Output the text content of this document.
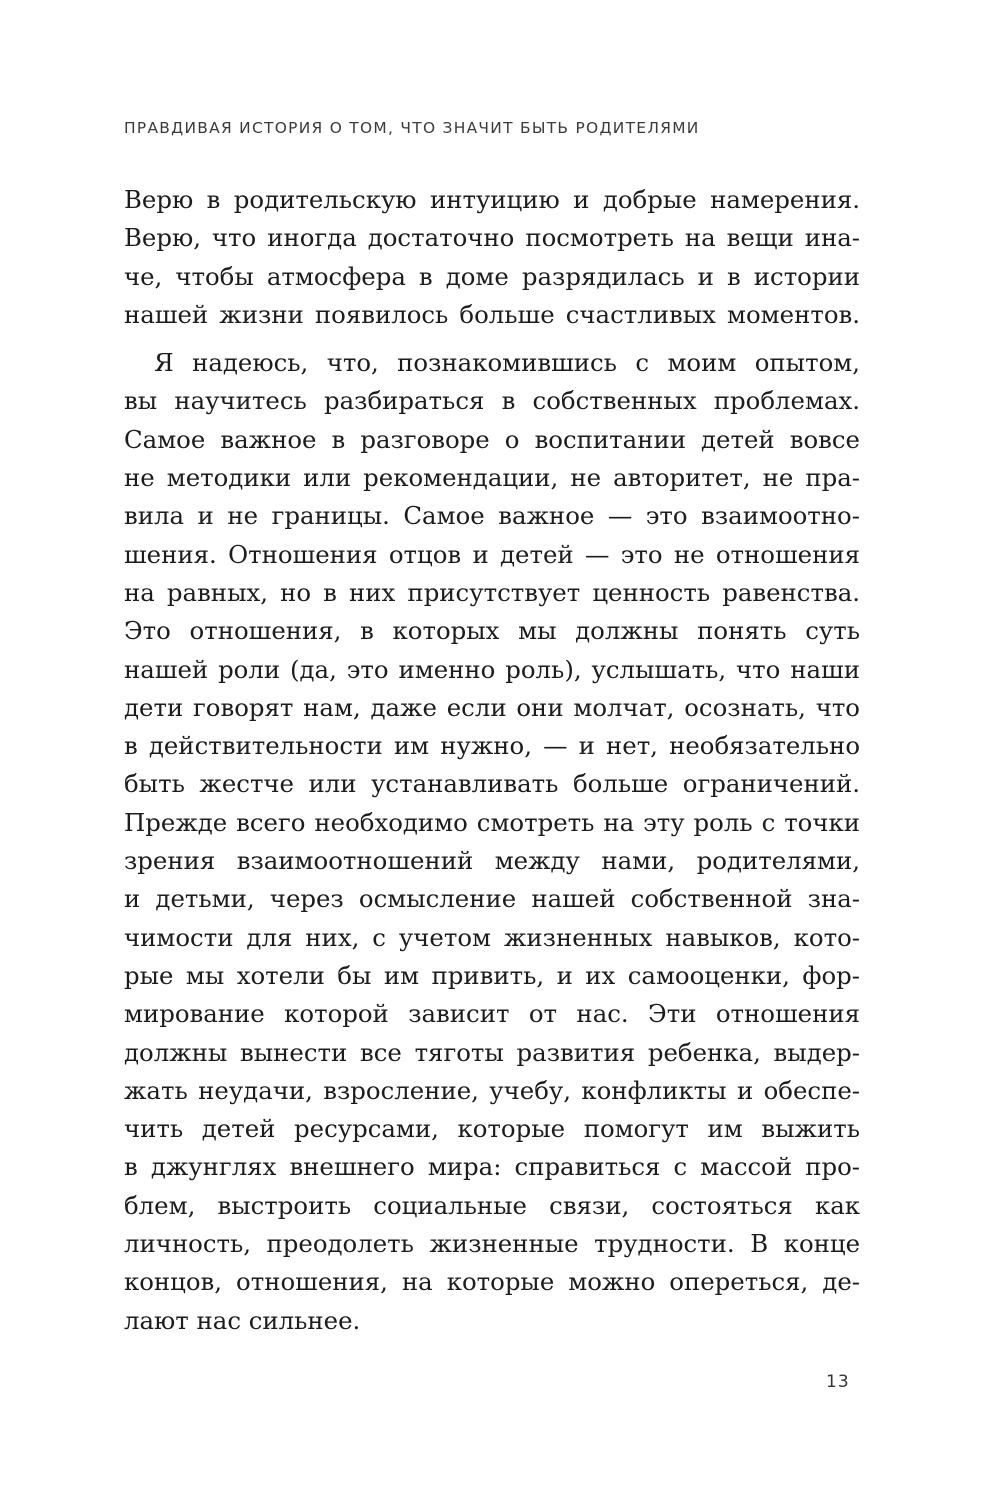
ПРАВДИВАЯ ИСТОРИЯ О ТОМ, ЧТО ЗНАЧИТ БЫТЬ РОДИТЕЛЯМИ
Верю в родительскую интуицию и добрые намерения.
Верю, что иногда достаточно посмотреть на вещи ина-
че, чтобы атмосфера в доме разрядилась и в истории
нашей жизни появилось больше счастливых моментов.
Я надеюсь, что, познакомившись с моим опытом,
вы научитесь разбираться в собственных проблемах.
Самое важное в разговоре о воспитании детей вовсе
не методики или рекомендации, не авторитет, не пра-
вила и не границы. Самое важное — это взаимоотно-
шения. Отношения отцов и детей — это не отношения
на равных, но в них присутствует ценность равенства.
Это отношения, в которых мы должны понять суть
нашей роли (да, это именно роль), услышать, что наши
дети говорят нам, даже если они молчат, осознать, что
в действительности им нужно, — и нет, необязательно
быть жестче или устанавливать больше ограничений.
Прежде всего необходимо смотреть на эту роль с точки
зрения взаимоотношений между нами, родителями,
и детьми, через осмысление нашей собственной зна-
чимости для них, с учетом жизненных навыков, кото-
рые мы хотели бы им привить, и их самооценки, фор-
мирование которой зависит от нас. Эти отношения
должны вынести все тяготы развития ребенка, выдер-
жать неудачи, взросление, учебу, конфликты и обеспе-
чить детей ресурсами, которые помогут им выжить
в джунглях внешнего мира: справиться с массой про-
блем, выстроить социальные связи, состояться как
личность, преодолеть жизненные трудности. В конце
концов, отношения, на которые можно опереться, де-
лают нас сильнее.
13
